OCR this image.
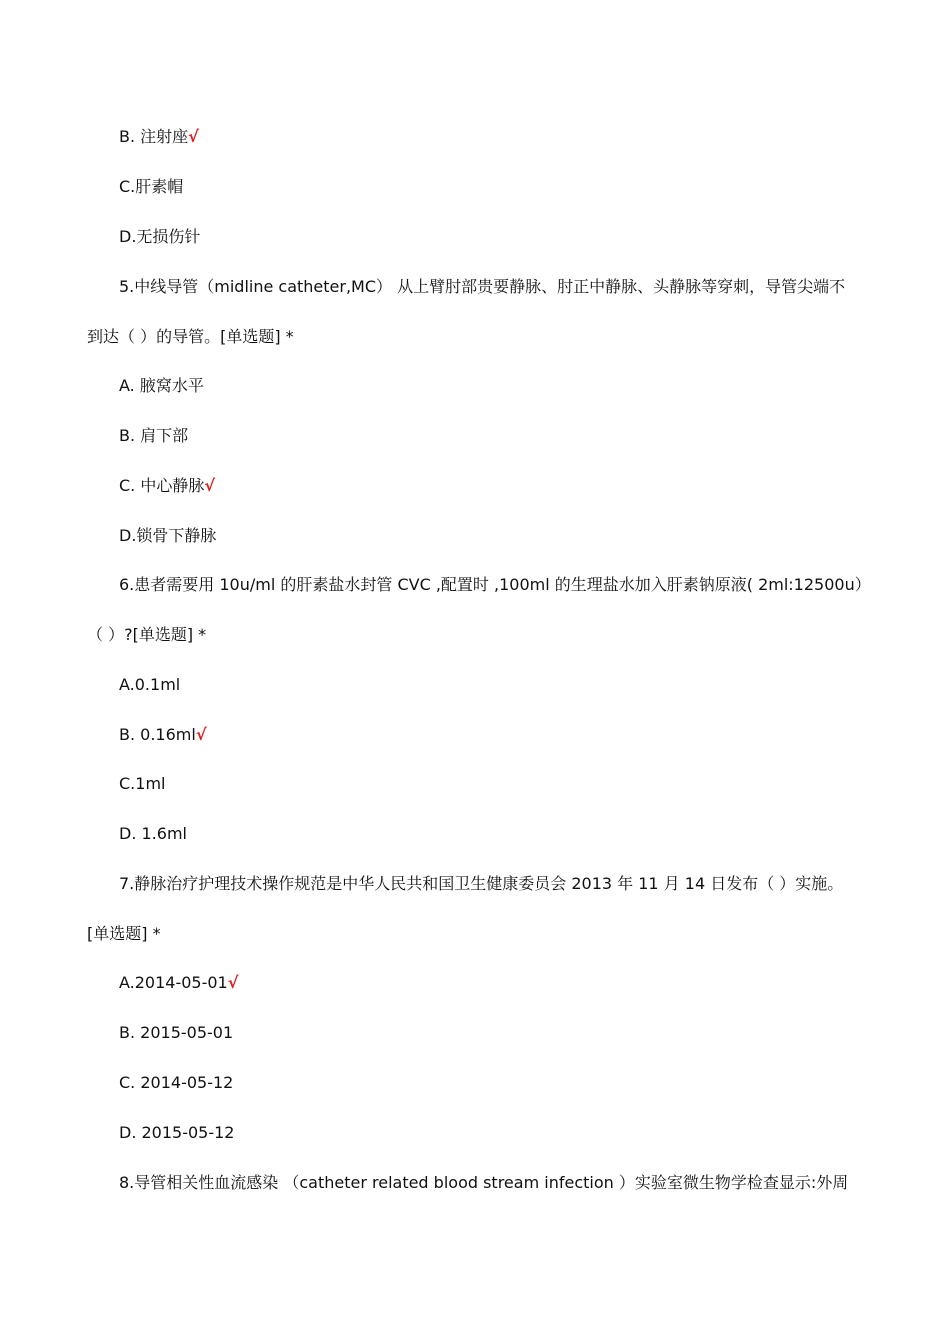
B. 注射座√
C.肝素帽
D.无损伤针
5.中线导管（midline catheter,MC） 从上臂肘部贵要静脉、肘正中静脉、头静脉等穿刺，导管尖端不
到达（ ）的导管。[单选题] *
A. 腋窝水平
B. 肩下部
C. 中心静脉√
D.锁骨下静脉
6.患者需要用 10u/ml 的肝素盐水封管 CVC ,配置时 ,100ml 的生理盐水加入肝素钠原液( 2ml:12500u）
（ ）?[单选题] *
A.0.1ml
B. 0.16ml√
C.1ml
D. 1.6ml
7.静脉治疗护理技术操作规范是中华人民共和国卫生健康委员会 2013 年 11 月 14 日发布（ ）实施。
[单选题] *
A.2014-05-01√
B. 2015-05-01
C. 2014-05-12
D. 2015-05-12
8.导管相关性血流感染 （catheter related blood stream infection ）实验室微生物学检查显示:外周
